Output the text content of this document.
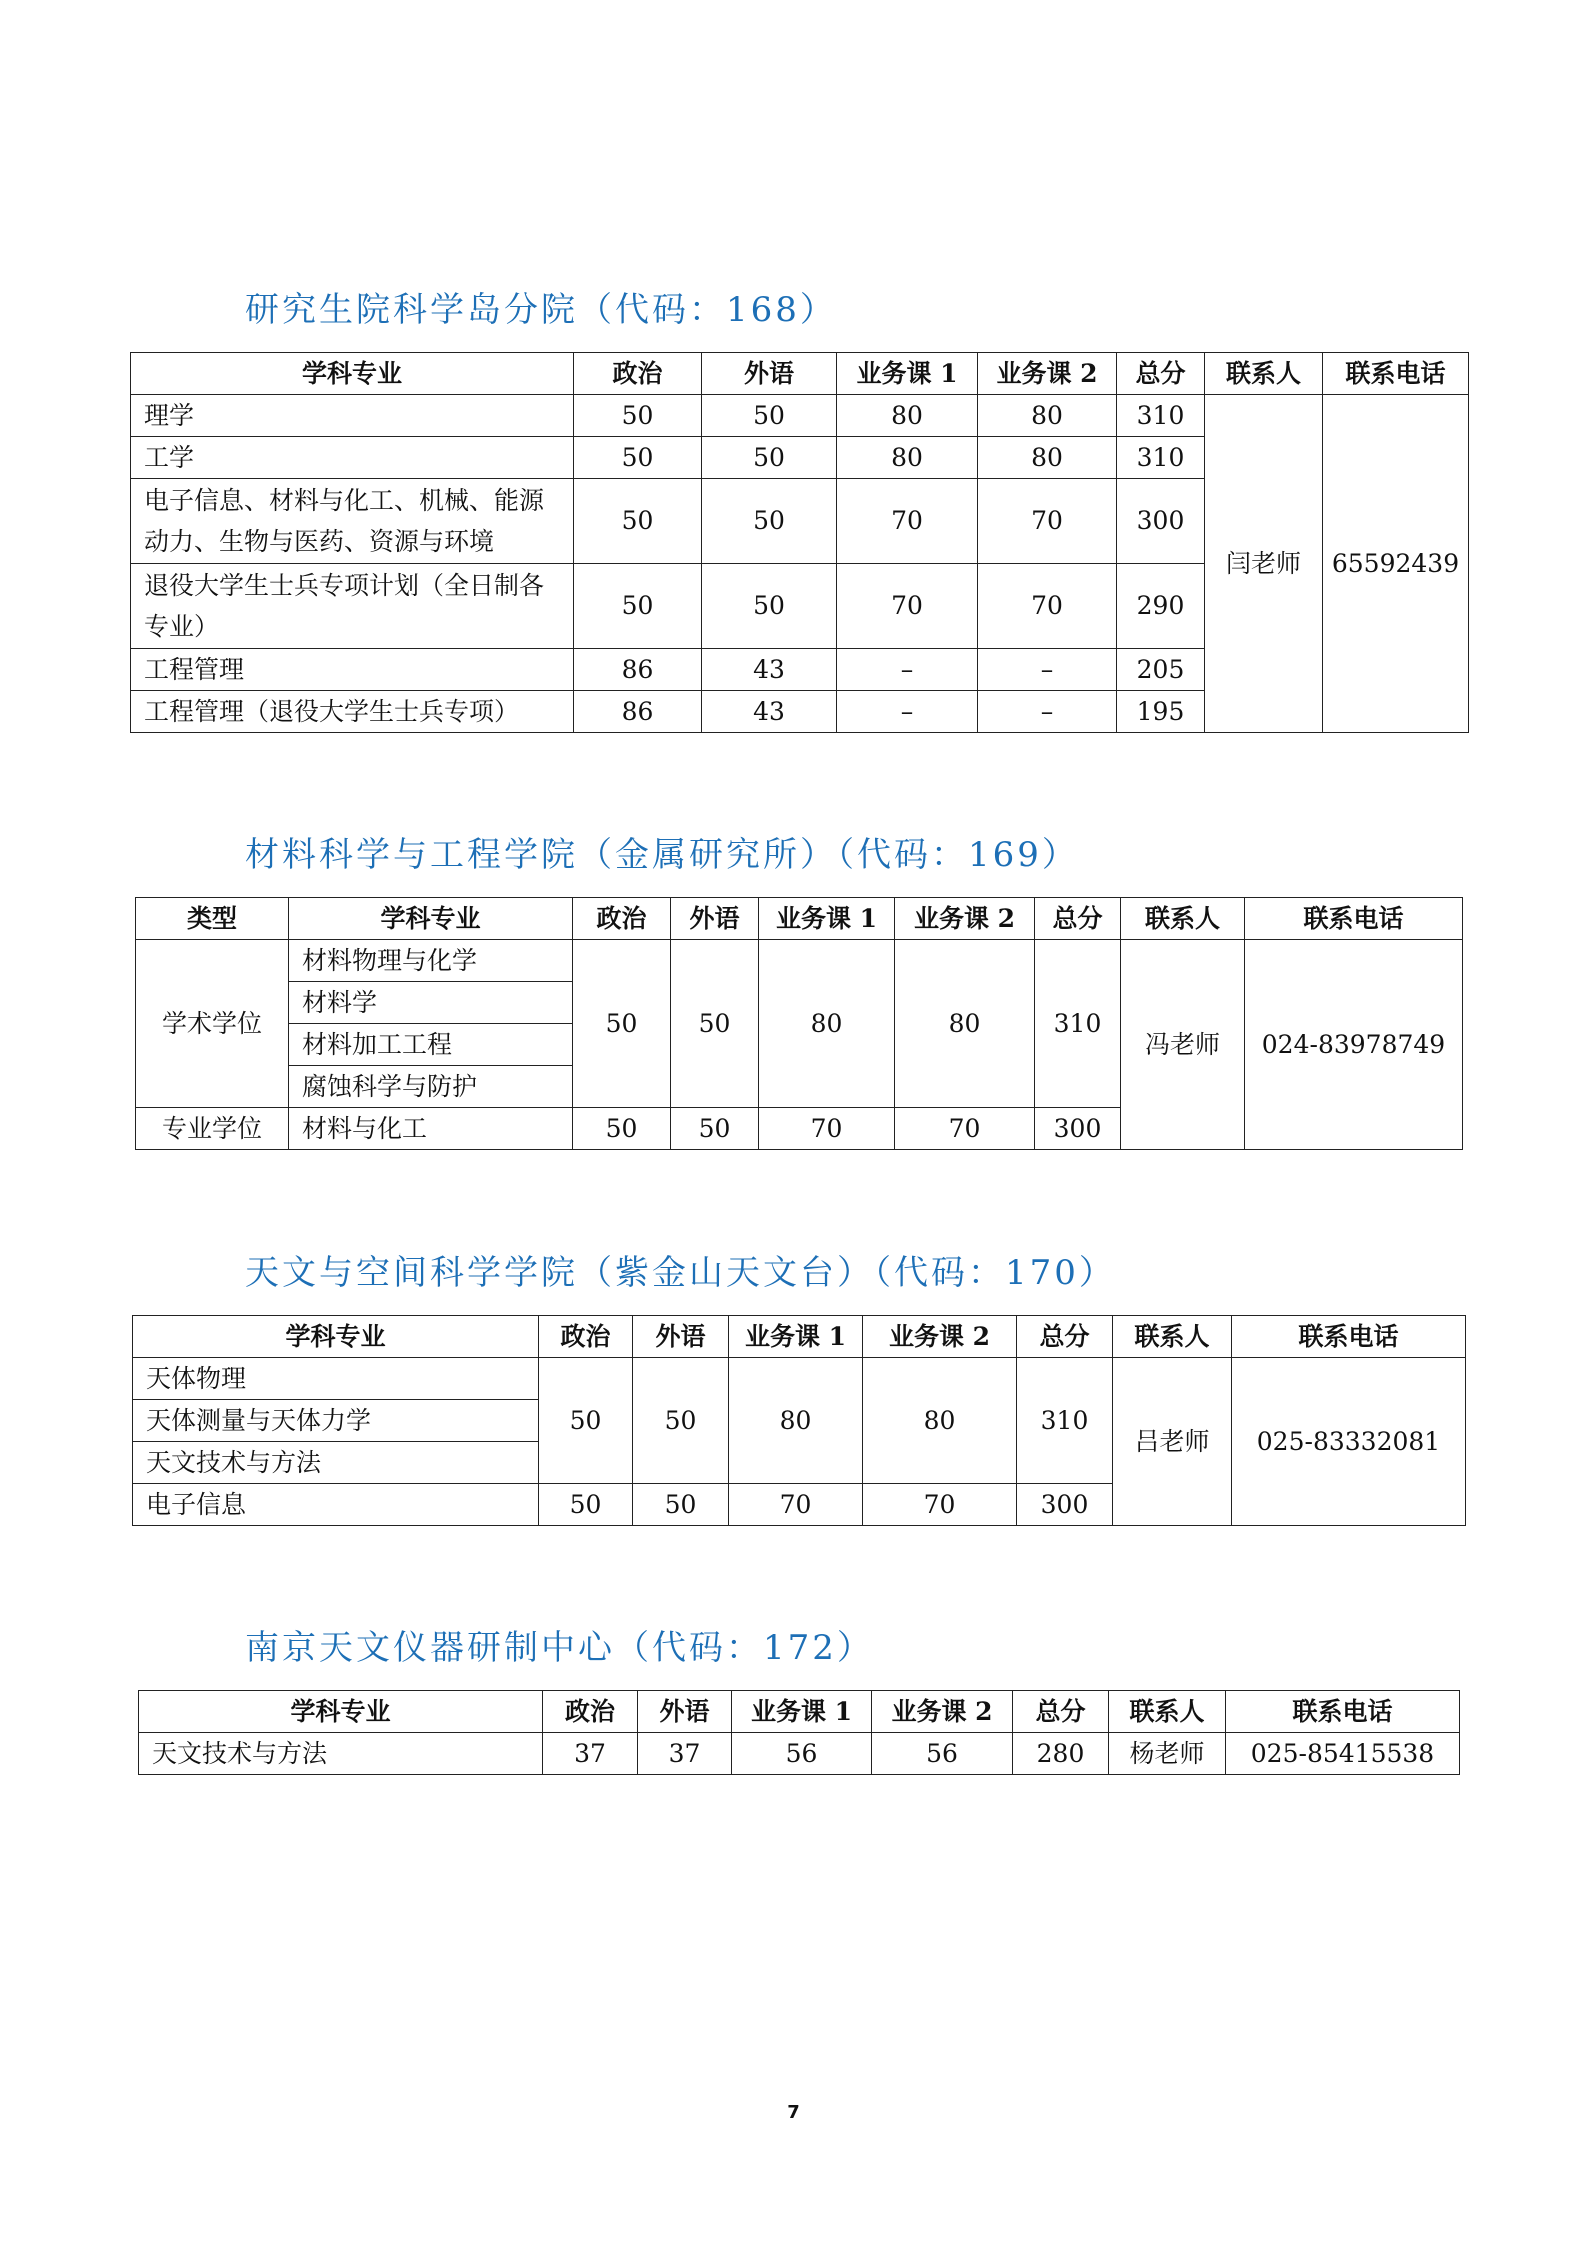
研究生院科学岛分院（代码：168）
学科专业	政治	外语	业务课 1	业务课 2	总分	联系人	联系电话
理学	50	50	80	80	310	闫老师	65592439
工学	50	50	80	80	310		
电子信息、材料与化工、机械、能源动力、生物与医药、资源与环境	50	50	70	70	300		
退役大学生士兵专项计划（全日制各专业）	50	50	70	70	290		
工程管理	86	43	–	–	205		
工程管理（退役大学生士兵专项）	86	43	–	–	195		
材料科学与工程学院（金属研究所）（代码：169）
类型	学科专业	政治	外语	业务课 1	业务课 2	总分	联系人	联系电话
学术学位	材料物理与化学	50	50	80	80	310	冯老师	024-83978749
	材料学							
	材料加工工程							
	腐蚀科学与防护							
专业学位	材料与化工	50	50	70	70	300		
天文与空间科学学院（紫金山天文台）（代码：170）
学科专业	政治	外语	业务课 1	业务课 2	总分	联系人	联系电话
天体物理	50	50	80	80	310	吕老师	025-83332081
天体测量与天体力学							
天文技术与方法							
电子信息	50	50	70	70	300		
南京天文仪器研制中心（代码：172）
学科专业	政治	外语	业务课 1	业务课 2	总分	联系人	联系电话
天文技术与方法	37	37	56	56	280	杨老师	025-85415538
7
